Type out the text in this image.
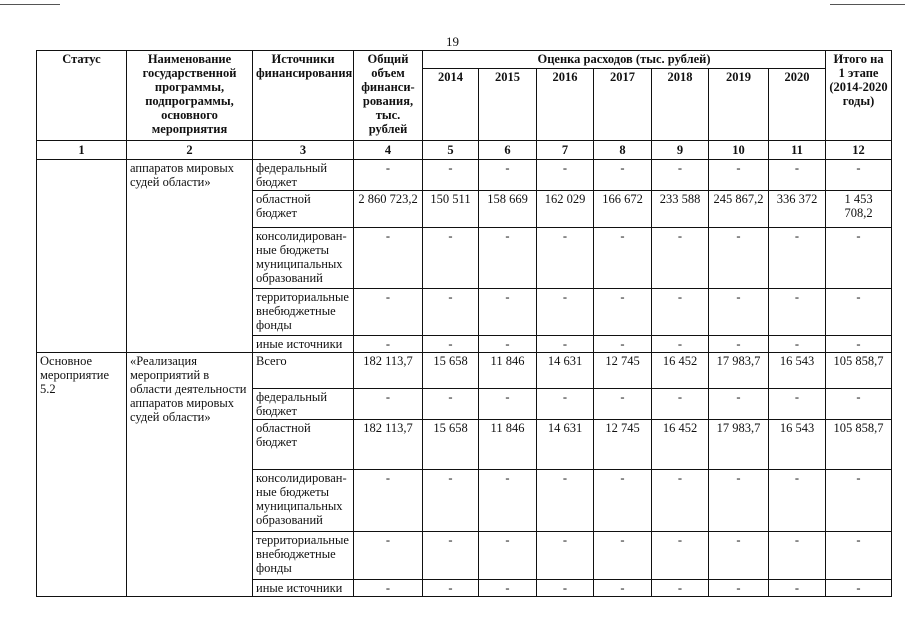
19
Статус	Наименование государственной программы, подпрограммы, основного мероприятия	Источники финансирования	Общий объем финанси-рования, тыс. рублей	Оценка расходов (тыс. рублей)							Итого на 1 этапе (2014-2020 годы)
				2014	2015	2016	2017	2018	2019	2020	
1	2	3	4	5	6	7	8	9	10	11	12
	аппаратов мировых судей области»	федеральный бюджет	-	-	-	-	-	-	-	-	-
		областной бюджет	2 860 723,2	150 511	158 669	162 029	166 672	233 588	245 867,2	336 372	1 453 708,2
		консолидирован-ные бюджеты муниципальных образований	-	-	-	-	-	-	-	-	-
		территориальные внебюджетные фонды	-	-	-	-	-	-	-	-	-
		иные источники	-	-	-	-	-	-	-	-	-
Основное мероприятие 5.2	«Реализация мероприятий в области деятельности аппаратов мировых судей области»	Всего	182 113,7	15 658	11 846	14 631	12 745	16 452	17 983,7	16 543	105 858,7
		федеральный бюджет	-	-	-	-	-	-	-	-	-
		областной бюджет	182 113,7	15 658	11 846	14 631	12 745	16 452	17 983,7	16 543	105 858,7
		консолидирован-ные бюджеты муниципальных образований	-	-	-	-	-	-	-	-	-
		территориальные внебюджетные фонды	-	-	-	-	-	-	-	-	-
		иные источники	-	-	-	-	-	-	-	-	-
